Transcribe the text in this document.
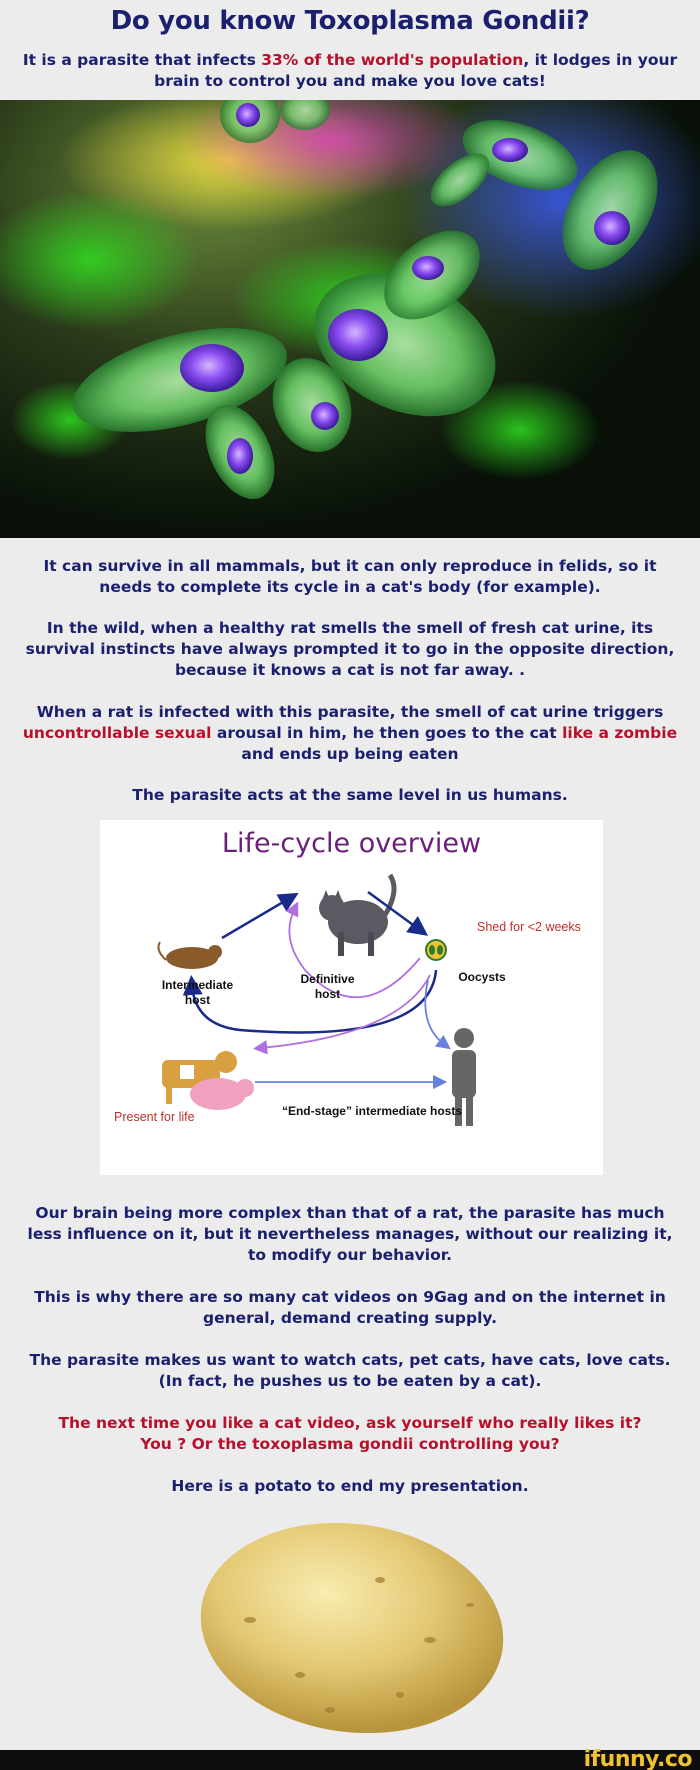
Do you know Toxoplasma Gondii?
It is a parasite that infects 33% of the world's population, it lodges in your brain to control you and make you love cats!
It can survive in all mammals, but it can only reproduce in felids, so it needs to complete its cycle in a cat's body (for example).
In the wild, when a healthy rat smells the smell of fresh cat urine, its survival instincts have always prompted it to go in the opposite direction, because it knows a cat is not far away. .
When a rat is infected with this parasite, the smell of cat urine triggers uncontrollable sexual arousal in him, he then goes to the cat like a zombie and ends up being eaten
The parasite acts at the same level in us humans.
Life-cycle overview
Shed for <2 weeks
Oocysts
Intermediate
host
Definitive
host
Present for life	“End-stage” intermediate hosts
Our brain being more complex than that of a rat, the parasite has much less influence on it, but it nevertheless manages, without our realizing it, to modify our behavior.
This is why there are so many cat videos on 9Gag and on the internet in general, demand creating supply.
The parasite makes us want to watch cats, pet cats, have cats, love cats. (In fact, he pushes us to be eaten by a cat).
The next time you like a cat video, ask yourself who really likes it?
You ? Or the toxoplasma gondii controlling you?
Here is a potato to end my presentation.
ifunny.co
